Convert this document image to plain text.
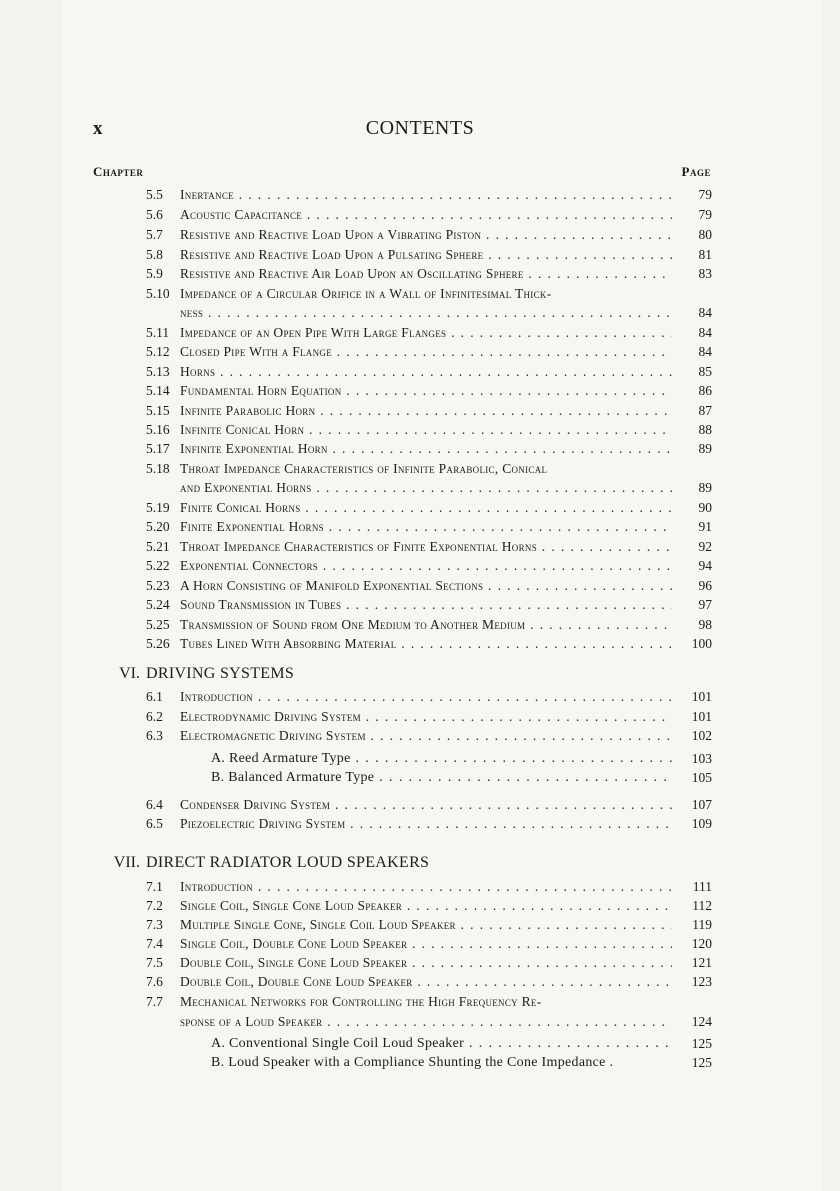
x	CONTENTS
Chapter	Page
5.5 Inertance . . .	79
5.6 Acoustic Capacitance . . .	79
5.7 Resistive and Reactive Load Upon a Vibrating Piston . . .	80
5.8 Resistive and Reactive Load Upon a Pulsating Sphere . . .	81
5.9 Resistive and Reactive Air Load Upon an Oscillating Sphere . . .	83
5.10 Impedance of a Circular Orifice in a Wall of Infinitesimal Thick-
ness . . .	84
5.11 Impedance of an Open Pipe With Large Flanges . . .	84
5.12 Closed Pipe With a Flange . . .	84
5.13 Horns . . .	85
5.14 Fundamental Horn Equation . . .	86
5.15 Infinite Parabolic Horn . . .	87
5.16 Infinite Conical Horn . . .	88
5.17 Infinite Exponential Horn . . .	89
5.18 Throat Impedance Characteristics of Infinite Parabolic, Conical
and Exponential Horns . . .	89
5.19 Finite Conical Horns . . .	90
5.20 Finite Exponential Horns . . .	91
5.21 Throat Impedance Characteristics of Finite Exponential Horns . . .	92
5.22 Exponential Connectors . . .	94
5.23 A Horn Consisting of Manifold Exponential Sections . . .	96
5.24 Sound Transmission in Tubes . . .	97
5.25 Transmission of Sound from One Medium to Another Medium . . .	98
5.26 Tubes Lined With Absorbing Material . . .	100
VI. DRIVING SYSTEMS
6.1 Introduction . . .	101
6.2 Electrodynamic Driving System . . .	101
6.3 Electromagnetic Driving System . . .	102
A. Reed Armature Type . . .	103
B. Balanced Armature Type . . .	105
6.4 Condenser Driving System . . .	107
6.5 Piezoelectric Driving System . . .	109
VII. DIRECT RADIATOR LOUD SPEAKERS
7.1 Introduction . . .	111
7.2 Single Coil, Single Cone Loud Speaker . . .	112
7.3 Multiple Single Cone, Single Coil Loud Speaker . . .	119
7.4 Single Coil, Double Cone Loud Speaker . . .	120
7.5 Double Coil, Single Cone Loud Speaker . . .	121
7.6 Double Coil, Double Cone Loud Speaker . . .	123
7.7 Mechanical Networks for Controlling the High Frequency Re-
sponse of a Loud Speaker . . .	124
A. Conventional Single Coil Loud Speaker . . .	125
B. Loud Speaker with a Compliance Shunting the Cone Impedance .	125
